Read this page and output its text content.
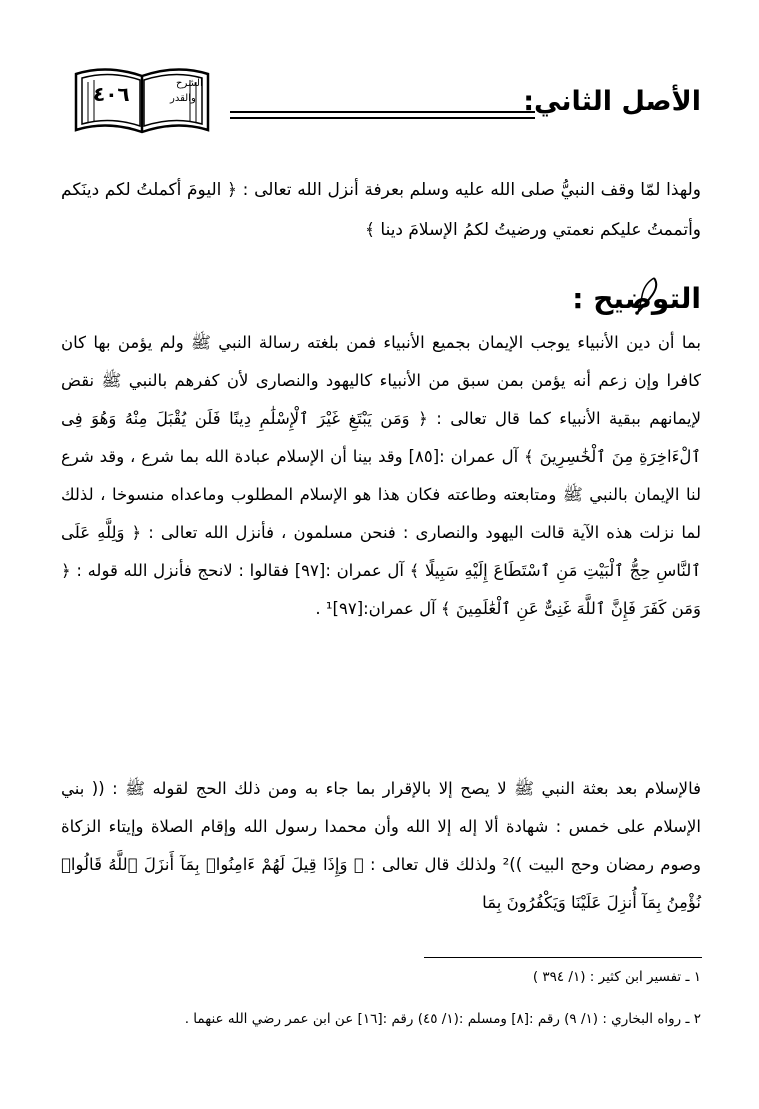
الأصل الثاني:
الشرح
والقدر
٤٠٦
ولهذا لمّا وقف النبيُّ صلى الله عليه وسلم بعرفة أنزل الله تعالى : ﴿ اليومَ أكملتُ لكم دينَكم وأتممتُ عليكم نعمتي ورضيتُ لكمُ الإسلامَ دينا ﴾
التوضيح :
بما أن دين الأنبياء يوجب الإيمان بجميع الأنبياء فمن بلغته رسالة النبي ﷺ ولم يؤمن بها كان كافرا وإن زعم أنه يؤمن بمن سبق من الأنبياء كاليهود والنصارى لأن كفرهم بالنبي ﷺ نقض لإيمانهم ببقية الأنبياء كما قال تعالى : ﴿ وَمَن يَبْتَغِ غَيْرَ ٱلْإِسْلَٰمِ دِينًا فَلَن يُقْبَلَ مِنْهُ وَهُوَ فِى ٱلْءَاخِرَةِ مِنَ ٱلْخَٰسِرِينَ ﴾ آل عمران :[٨٥] وقد بينا أن الإسلام عبادة الله بما شرع ، وقد شرع لنا الإيمان بالنبي ﷺ ومتابعته وطاعته فكان هذا هو الإسلام المطلوب وماعداه منسوخا ، لذلك لما نزلت هذه الآية قالت اليهود والنصارى : فنحن مسلمون ، فأنزل الله تعالى : ﴿ وَلِلَّهِ عَلَى ٱلنَّاسِ حِجُّ ٱلْبَيْتِ مَنِ ٱسْتَطَاعَ إِلَيْهِ سَبِيلًا ﴾ آل عمران :[٩٧] فقالوا : لانحج فأنزل الله قوله : ﴿ وَمَن كَفَرَ فَإِنَّ ٱللَّهَ غَنِىٌّ عَنِ ٱلْعَٰلَمِينَ ﴾ آل عمران:[٩٧]¹ .
فالإسلام بعد بعثة النبي ﷺ لا يصح إلا بالإقرار بما جاء به ومن ذلك الحج لقوله ﷺ : (( بني الإسلام على خمس : شهادة ألا إله إلا الله وأن محمدا رسول الله وإقام الصلاة وإيتاء الزكاة وصوم رمضان وحج البيت ))² ولذلك قال تعالى : ﴿ وَإِذَا قِيلَ لَهُمْ ءَامِنُوا۟ بِمَآ أَنزَلَ ٱللَّهُ قَالُوا۟ نُؤْمِنُ بِمَآ أُنزِلَ عَلَيْنَا وَيَكْفُرُونَ بِمَا
١ ـ تفسير ابن كثير : (١/ ٣٩٤ )
٢ ـ رواه البخاري : (١/ ٩) رقم :[٨] ومسلم :(١/ ٤٥) رقم :[١٦] عن ابن عمر رضي الله عنهما .
